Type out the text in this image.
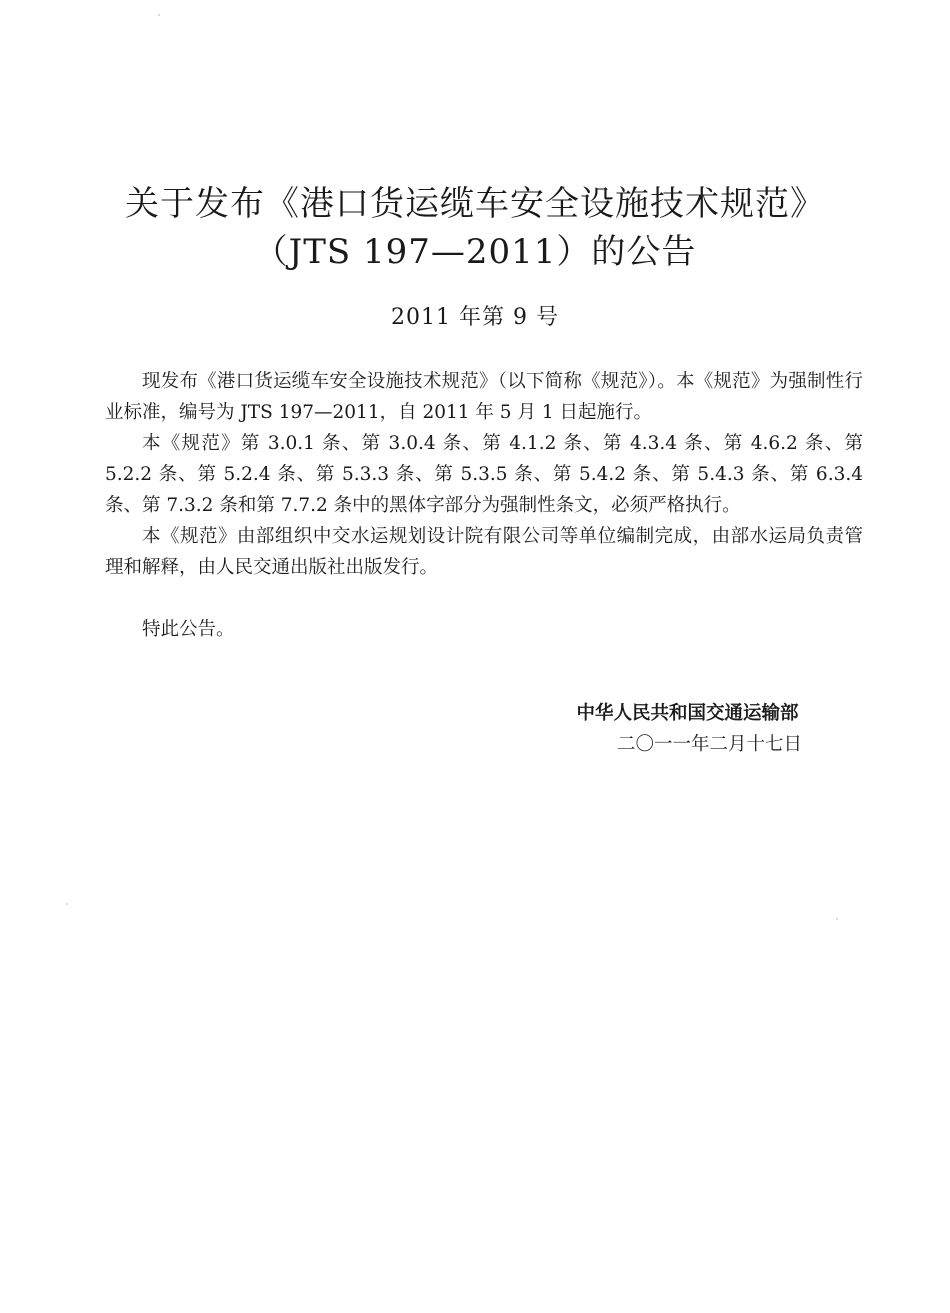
关于发布《港口货运缆车安全设施技术规范》
（JTS 197—2011）的公告
2011 年第 9 号

现发布《港口货运缆车安全设施技术规范》（以下简称《规范》）。本《规范》为强制性行业标准，编号为 JTS 197—2011，自 2011 年 5 月 1 日起施行。

本《规范》第 3.0.1 条、第 3.0.4 条、第 4.1.2 条、第 4.3.4 条、第 4.6.2 条、第 5.2.2 条、第 5.2.4 条、第 5.3.3 条、第 5.3.5 条、第 5.4.2 条、第 5.4.3 条、第 6.3.4 条、第 7.3.2 条和第 7.7.2 条中的黑体字部分为强制性条文，必须严格执行。

本《规范》由部组织中交水运规划设计院有限公司等单位编制完成，由部水运局负责管理和解释，由人民交通出版社出版发行。

特此公告。

中华人民共和国交通运输部
二〇一一年二月十七日
